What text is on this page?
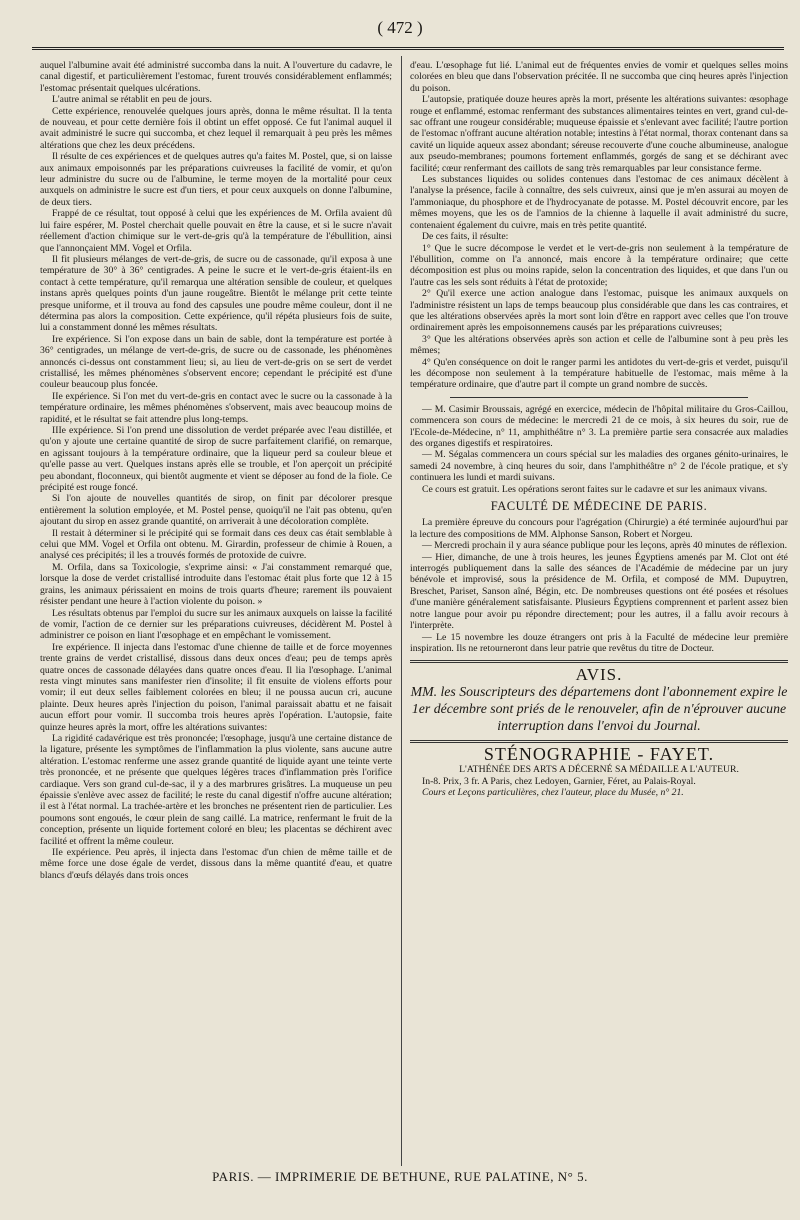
( 472 )

auquel l'albumine avait été administré succomba dans la nuit. A l'ouverture du cadavre, le canal digestif, et particulièrement l'estomac, furent trouvés considérablement enflammés; l'estomac présentait quelques ulcérations.

L'autre animal se rétablit en peu de jours.

Cette expérience, renouvelée quelques jours après, donna le même résultat. Il la tenta de nouveau, et pour cette dernière fois il obtint un effet opposé. Ce fut l'animal auquel il avait administré le sucre qui succomba, et chez lequel il remarquait à peu près les mêmes altérations que chez les deux précédens.

Il résulte de ces expériences et de quelques autres qu'a faites M. Postel, que, si on laisse aux animaux empoisonnés par les préparations cuivreuses la facilité de vomir, et qu'on leur administre du sucre ou de l'albumine, le terme moyen de la mortalité pour ceux auxquels on administre le sucre est d'un tiers, et pour ceux auxquels on donne l'albumine, de deux tiers.

Frappé de ce résultat, tout opposé à celui que les expériences de M. Orfila avaient dû lui faire espérer, M. Postel cherchait quelle pouvait en être la cause, et si le sucre n'avait réellement d'action chimique sur le vert-de-gris qu'à la température de l'ébullition, ainsi que l'annonçaient MM. Vogel et Orfila.

Il fit plusieurs mélanges de vert-de-gris, de sucre ou de cassonade, qu'il exposa à une température de 30° à 36° centigrades. A peine le sucre et le vert-de-gris étaient-ils en contact à cette température, qu'il remarqua une altération sensible de couleur, et quelques instans après quelques points d'un jaune rougeâtre. Bientôt le mélange prit cette teinte presque uniforme, et il trouva au fond des capsules une poudre même couleur, dont il ne détermina pas alors la composition. Cette expérience, qu'il répéta plusieurs fois de suite, lui a constamment donné les mêmes résultats.

Ire expérience. Si l'on expose dans un bain de sable, dont la température est portée à 36° centigrades, un mélange de vert-de-gris, de sucre ou de cassonade, les phénomènes annoncés ci-dessus ont constamment lieu; si, au lieu de vert-de-gris on se sert de verdet cristallisé, les mêmes phénomènes s'observent encore; cependant le précipité est d'une couleur beaucoup plus foncée.

IIe expérience. Si l'on met du vert-de-gris en contact avec le sucre ou la cassonade à la température ordinaire, les mêmes phénomènes s'observent, mais avec beaucoup moins de rapidité, et le résultat se fait attendre plus long-temps.

IIIe expérience. Si l'on prend une dissolution de verdet préparée avec l'eau distillée, et qu'on y ajoute une certaine quantité de sirop de sucre parfaitement clarifié, on remarque, en agissant toujours à la température ordinaire, que la liqueur perd sa couleur bleue et qu'elle passe au vert. Quelques instans après elle se trouble, et l'on aperçoit un précipité peu abondant, floconneux, qui bientôt augmente et vient se déposer au fond de la fiole. Ce précipité est rouge foncé.

Si l'on ajoute de nouvelles quantités de sirop, on finit par décolorer presque entièrement la solution employée, et M. Postel pense, quoiqu'il ne l'ait pas obtenu, qu'en ajoutant du sirop en assez grande quantité, on arriverait à une décoloration complète.

Il restait à déterminer si le précipité qui se formait dans ces deux cas était semblable à celui que MM. Vogel et Orfila ont obtenu. M. Girardin, professeur de chimie à Rouen, a analysé ces précipités; il les a trouvés formés de protoxide de cuivre.

M. Orfila, dans sa Toxicologie, s'exprime ainsi: « J'ai constamment remarqué que, lorsque la dose de verdet cristallisé introduite dans l'estomac était plus forte que 12 à 15 grains, les animaux périssaient en moins de trois quarts d'heure; rarement ils pouvaient résister pendant une heure à l'action violente du poison. »

Les résultats obtenus par l'emploi du sucre sur les animaux auxquels on laisse la facilité de vomir, l'action de ce dernier sur les préparations cuivreuses, décidèrent M. Postel à administrer ce poison en liant l'œsophage et en empêchant le vomissement.

Ire expérience. Il injecta dans l'estomac d'une chienne de taille et de force moyennes trente grains de verdet cristallisé, dissous dans deux onces d'eau; peu de temps après quatre onces de cassonade délayées dans quatre onces d'eau. Il lia l'œsophage. L'animal resta vingt minutes sans manifester rien d'insolite; il fit ensuite de violens efforts pour vomir; il eut deux selles faiblement colorées en bleu; il ne poussa aucun cri, aucune plainte. Deux heures après l'injection du poison, l'animal paraissait abattu et ne faisait aucun effort pour vomir. Il succomba trois heures après l'opération. L'autopsie, faite quinze heures après la mort, offre les altérations suivantes:

La rigidité cadavérique est très prononcée; l'œsophage, jusqu'à une certaine distance de la ligature, présente les symptômes de l'inflammation la plus violente, sans aucune autre altération. L'estomac renferme une assez grande quantité de liquide ayant une teinte verte très prononcée, et ne présente que quelques légères traces d'inflammation près l'orifice cardiaque. Vers son grand cul-de-sac, il y a des marbrures grisâtres. La muqueuse un peu épaissie s'enlève avec assez de facilité; le reste du canal digestif n'offre aucune altération; il est à l'état normal. La trachée-artère et les bronches ne présentent rien de particulier. Les poumons sont engoués, le cœur plein de sang caillé. La matrice, renfermant le fruit de la conception, présente un liquide fortement coloré en bleu; les placentas se déchirent avec facilité et offrent la même couleur.

IIe expérience. Peu après, il injecta dans l'estomac d'un chien de même taille et de même force une dose égale de verdet, dissous dans la même quantité d'eau, et quatre blancs d'œufs délayés dans trois onces

d'eau. L'œsophage fut lié. L'animal eut de fréquentes envies de vomir et quelques selles moins colorées en bleu que dans l'observation précitée. Il ne succomba que cinq heures après l'injection du poison.

L'autopsie, pratiquée douze heures après la mort, présente les altérations suivantes: œsophage rouge et enflammé, estomac renfermant des substances alimentaires teintes en vert, grand cul-de-sac offrant une rougeur considérable; muqueuse épaissie et s'enlevant avec facilité; l'autre portion de l'estomac n'offrant aucune altération notable; intestins à l'état normal, thorax contenant dans sa cavité un liquide aqueux assez abondant; séreuse recouverte d'une couche albumineuse, analogue aux pseudo-membranes; poumons fortement enflammés, gorgés de sang et se déchirant avec facilité; cœur renfermant des caillots de sang très remarquables par leur consistance ferme.

Les substances liquides ou solides contenues dans l'estomac de ces animaux décèlent à l'analyse la présence, facile à connaître, des sels cuivreux, ainsi que je m'en assurai au moyen de l'ammoniaque, du phosphore et de l'hydrocyanate de potasse. M. Postel découvrit encore, par les mêmes moyens, que les os de l'amnios de la chienne à laquelle il avait administré du sucre, contenaient également du cuivre, mais en très petite quantité.

De ces faits, il résulte:

1° Que le sucre décompose le verdet et le vert-de-gris non seulement à la température de l'ébullition, comme on l'a annoncé, mais encore à la température ordinaire; que cette décomposition est plus ou moins rapide, selon la concentration des liquides, et que dans l'un ou l'autre cas les sels sont réduits à l'état de protoxide;

2° Qu'il exerce une action analogue dans l'estomac, puisque les animaux auxquels on l'administre résistent un laps de temps beaucoup plus considérable que dans les cas contraires, et que les altérations observées après la mort sont loin d'être en rapport avec celles que l'on trouve ordinairement après les empoisonnemens causés par les préparations cuivreuses;

3° Que les altérations observées après son action et celle de l'albumine sont à peu près les mêmes;

4° Qu'en conséquence on doit le ranger parmi les antidotes du vert-de-gris et verdet, puisqu'il les décompose non seulement à la température habituelle de l'estomac, mais même à la température ordinaire, que d'autre part il compte un grand nombre de succès.

— M. Casimir Broussais, agrégé en exercice, médecin de l'hôpital militaire du Gros-Caillou, commencera son cours de médecine: le mercredi 21 de ce mois, à six heures du soir, rue de l'Ecole-de-Médecine, n° 11, amphithéâtre n° 3. La première partie sera consacrée aux maladies des organes digestifs et respiratoires.

— M. Ségalas commencera un cours spécial sur les maladies des organes génito-urinaires, le samedi 24 novembre, à cinq heures du soir, dans l'amphithéâtre n° 2 de l'école pratique, et s'y continuera les lundi et mardi suivans.

Ce cours est gratuit. Les opérations seront faites sur le cadavre et sur les animaux vivans.

FACULTÉ DE MÉDECINE DE PARIS.

La première épreuve du concours pour l'agrégation (Chirurgie) a été terminée aujourd'hui par la lecture des compositions de MM. Alphonse Sanson, Robert et Norgeu.

— Mercredi prochain il y aura séance publique pour les leçons, après 40 minutes de réflexion.

— Hier, dimanche, de une à trois heures, les jeunes Égyptiens amenés par M. Clot ont été interrogés publiquement dans la salle des séances de l'Académie de médecine par un jury bénévole et improvisé, sous la présidence de M. Orfila, et composé de MM. Dupuytren, Breschet, Pariset, Sanson aîné, Bégin, etc. De nombreuses questions ont été posées et résolues d'une manière généralement satisfaisante. Plusieurs Égyptiens comprennent et parlent assez bien notre langue pour avoir pu répondre directement; pour les autres, il a fallu avoir recours à l'interprète.

— Le 15 novembre les douze étrangers ont pris à la Faculté de médecine leur première inspiration. Ils ne retourneront dans leur patrie que revêtus du titre de Docteur.

AVIS.
MM. les Souscripteurs des départemens dont l'abonnement expire le 1er décembre sont priés de le renouveler, afin de n'éprouver aucune interruption dans l'envoi du Journal.
STÉNOGRAPHIE - FAYET.

L'ATHÉNÉE DES ARTS A DÉCERNÉ SA MÉDAILLE A L'AUTEUR.

In-8. Prix, 3 fr. A Paris, chez Ledoyen, Garnier, Féret, au Palais-Royal.

Cours et Leçons particulières, chez l'auteur, place du Musée, n° 21.

PARIS. — IMPRIMERIE DE BETHUNE, RUE PALATINE, N° 5.
